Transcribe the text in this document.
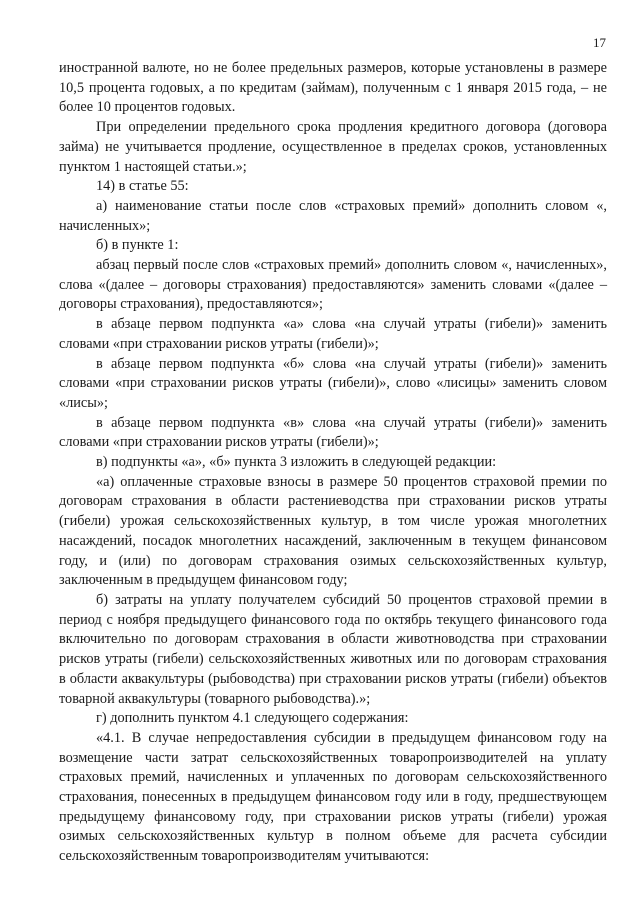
17

иностранной валюте, но не более предельных размеров, которые установлены в размере 10,5 процента годовых, а по кредитам (займам), полученным с 1 января 2015 года, – не более 10 процентов годовых.

При определении предельного срока продления кредитного договора (договора займа) не учитывается продление, осуществленное в пределах сроков, установленных пунктом 1 настоящей статьи.»;

14) в статье 55:

а) наименование статьи после слов «страховых премий» дополнить словом «, начисленных»;

б) в пункте 1:

абзац первый после слов «страховых премий» дополнить словом «, начисленных», слова «(далее – договоры страхования) предоставляются» заменить словами «(далее – договоры страхования), предоставляются»;

в абзаце первом подпункта «а» слова «на случай утраты (гибели)» заменить словами «при страховании рисков утраты (гибели)»;

в абзаце первом подпункта «б» слова «на случай утраты (гибели)» заменить словами «при страховании рисков утраты (гибели)», слово «лисицы» заменить словом «лисы»;

в абзаце первом подпункта «в» слова «на случай утраты (гибели)» заменить словами «при страховании рисков утраты (гибели)»;

в) подпункты «а», «б» пункта 3 изложить в следующей редакции:

«а) оплаченные страховые взносы в размере 50 процентов страховой премии по договорам страхования в области растениеводства при страховании рисков утраты (гибели) урожая сельскохозяйственных культур, в том числе урожая многолетних насаждений, посадок многолетних насаждений, заключенным в текущем финансовом году, и (или) по договорам страхования озимых сельскохозяйственных культур, заключенным в предыдущем финансовом году;

б) затраты на уплату получателем субсидий 50 процентов страховой премии в период с ноября предыдущего финансового года по октябрь текущего финансового года включительно по договорам страхования в области животноводства при страховании рисков утраты (гибели) сельскохозяйственных животных или по договорам страхования в области аквакультуры (рыбоводства) при страховании рисков утраты (гибели) объектов товарной аквакультуры (товарного рыбоводства).»;

г) дополнить пунктом 4.1 следующего содержания:

«4.1. В случае непредоставления субсидии в предыдущем финансовом году на возмещение части затрат сельскохозяйственных товаропроизводителей на уплату страховых премий, начисленных и уплаченных по договорам сельскохозяйственного страхования, понесенных в предыдущем финансовом году или в году, предшествующем предыдущему финансовому году, при страховании рисков утраты (гибели) урожая озимых сельскохозяйственных культур в полном объеме для расчета субсидии сельскохозяйственным товаропроизводителям учитываются:
